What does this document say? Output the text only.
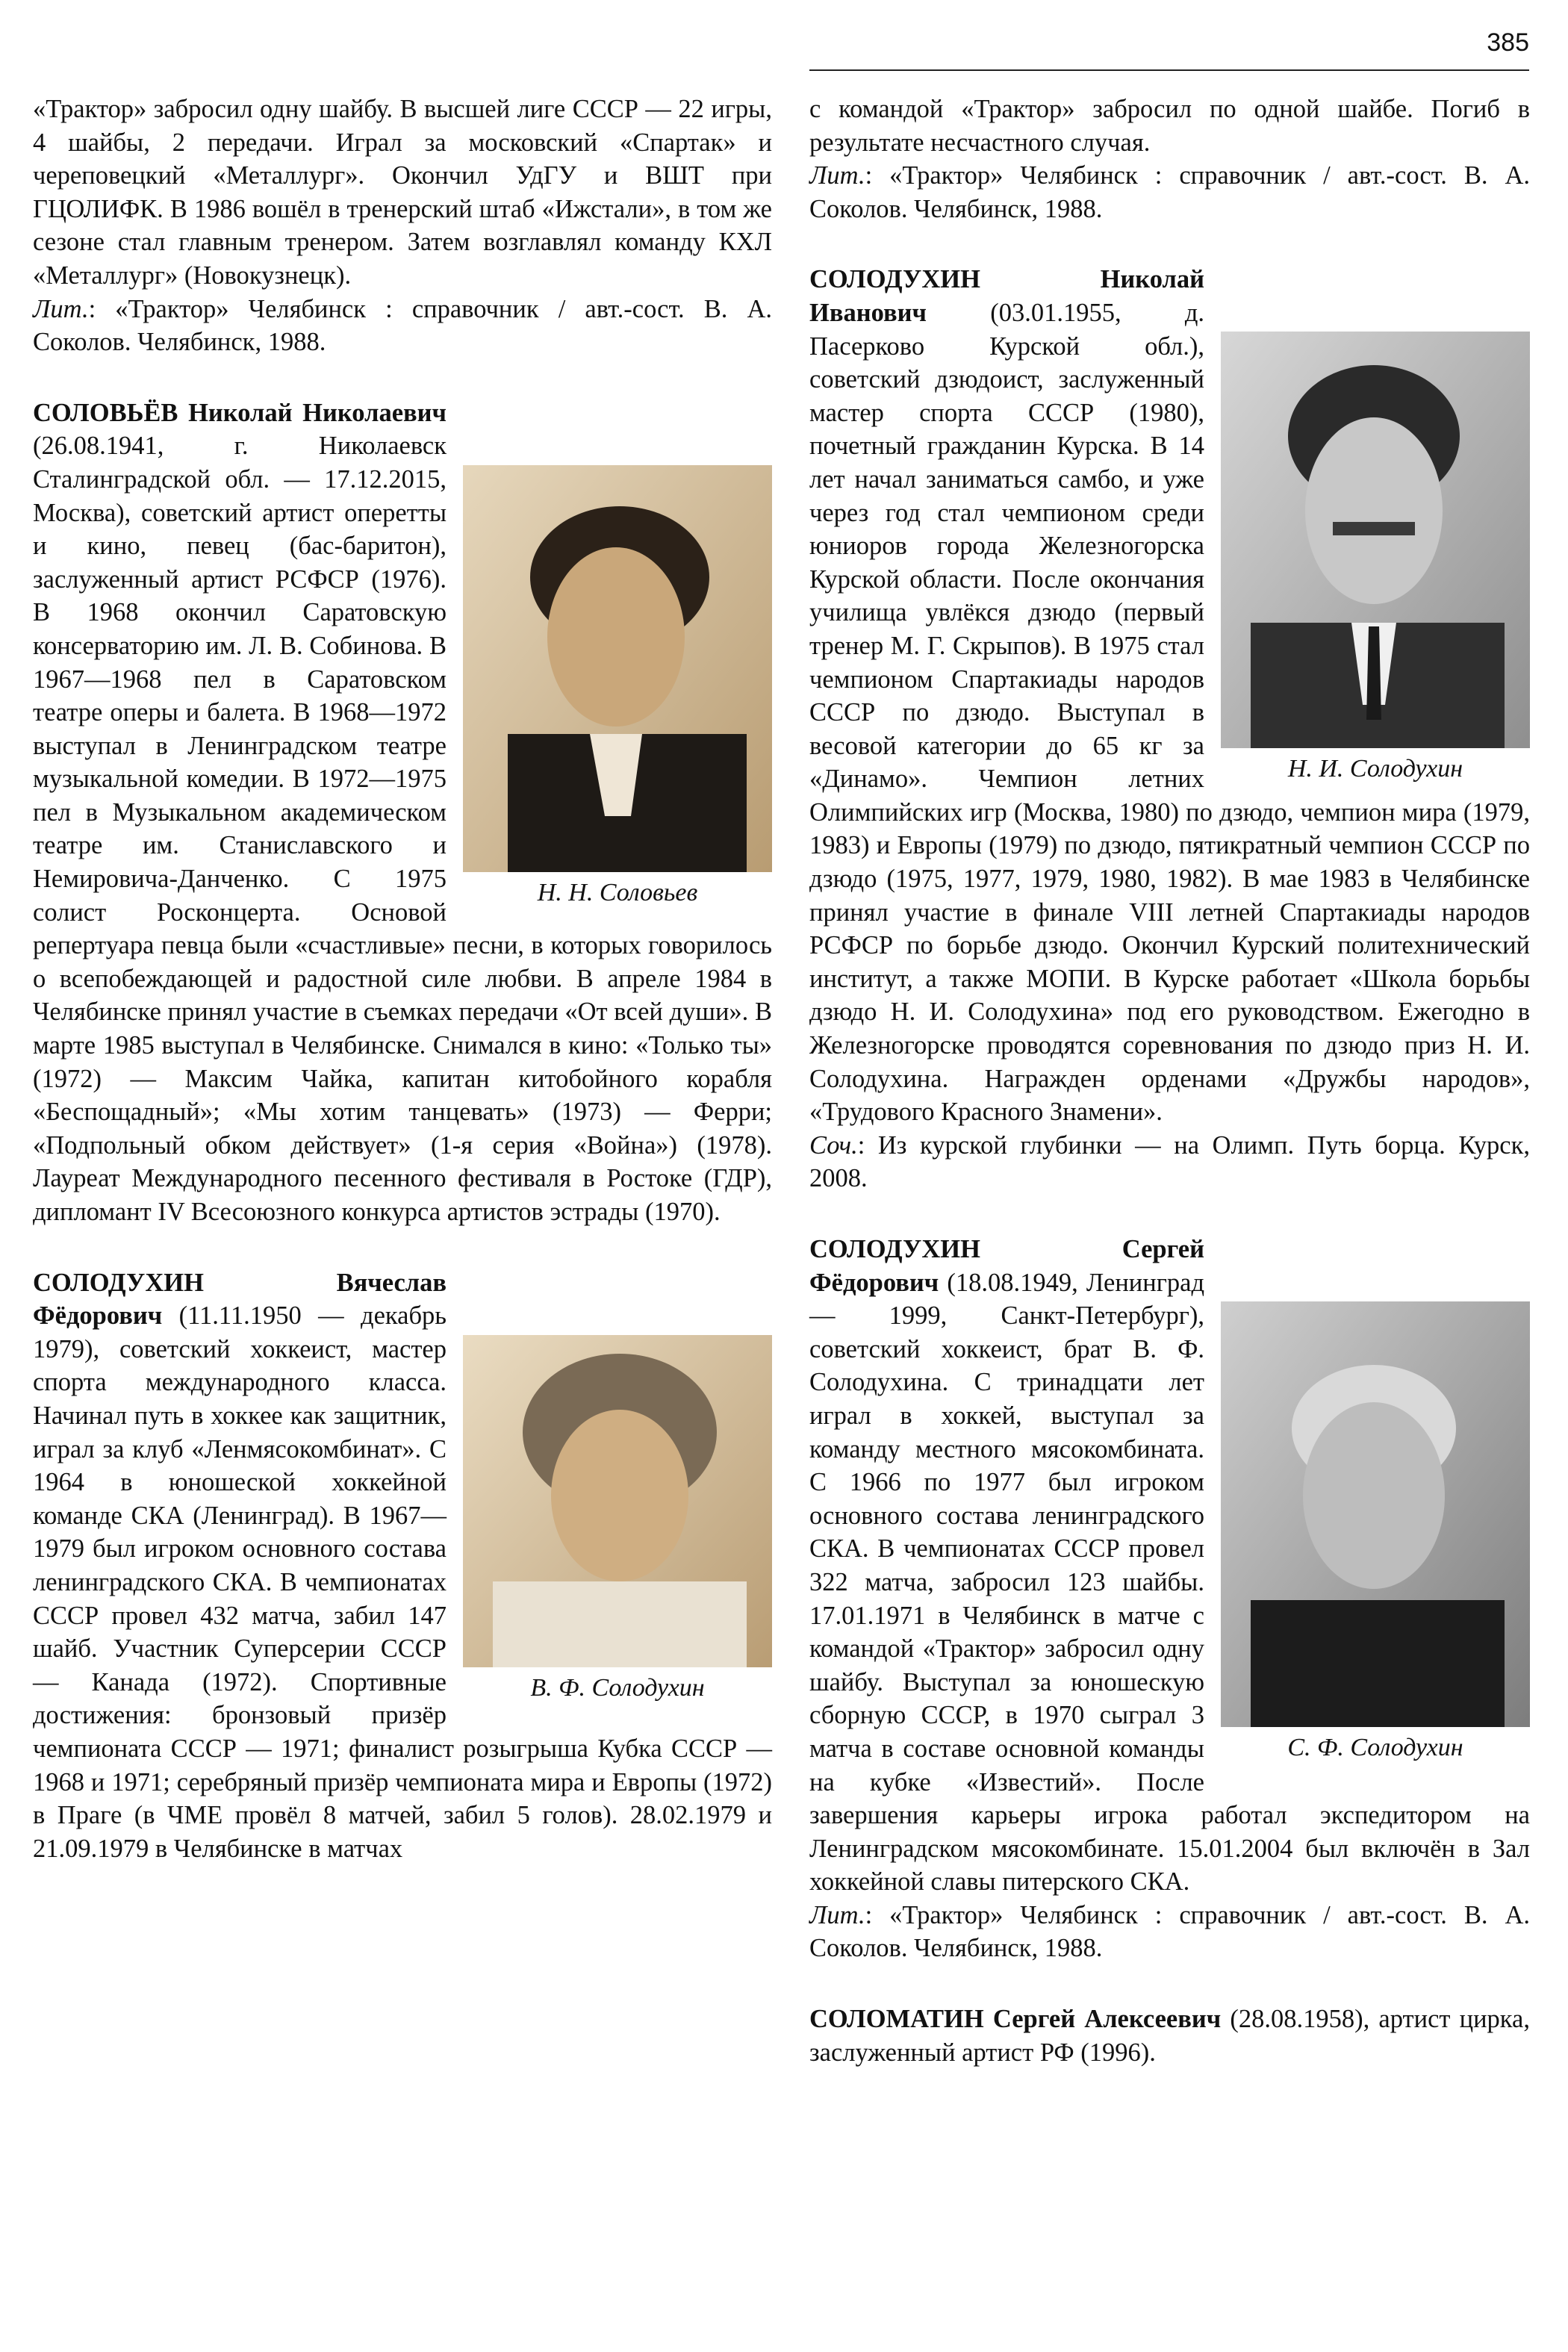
385

«Трактор» забросил одну шайбу. В высшей лиге СССР — 22 игры, 4 шайбы, 2 передачи. Играл за московский «Спартак» и череповецкий «Металлург». Окончил УдГУ и ВШТ при ГЦОЛИФК. В 1986 вошёл в тренерский штаб «Ижстали», в том же сезоне стал главным тренером. Затем возглавлял команду КХЛ «Металлург» (Новокузнецк).

Лит.: «Трактор» Челябинск : справочник / авт.-сост. В. А. Соколов. Челябинск, 1988.

Н. Н. Соловьев

СОЛОВЬЁВ Николай Николаевич (26.08.1941, г. Николаевск Сталинградской обл. — 17.12.2015, Москва), советский артист оперетты и кино, певец (бас-баритон), заслуженный артист РСФСР (1976). В 1968 окончил Саратовскую консерваторию им. Л. В. Собинова. В 1967—1968 пел в Саратовском театре оперы и балета. В 1968—1972 выступал в Ленинградском театре музыкальной комедии. В 1972—1975 пел в Музыкальном академическом театре им. Станиславского и Немировича-Данченко. С 1975 солист Росконцерта. Основой репертуара певца были «счастливые» песни, в которых говорилось о всепобеждающей и радостной силе любви. В апреле 1984 в Челябинске принял участие в съемках передачи «От всей души». В марте 1985 выступал в Челябинске. Снимался в кино: «Только ты» (1972) — Максим Чайка, капитан китобойного корабля «Беспощадный»; «Мы хотим танцевать» (1973) — Ферри; «Подпольный обком действует» (1-я серия «Война») (1978). Лауреат Международного песенного фестиваля в Ростоке (ГДР), дипломант IV Всесоюзного конкурса артистов эстрады (1970).

В. Ф. Солодухин

СОЛОДУХИН Вячеслав Фёдорович (11.11.1950 — декабрь 1979), советский хоккеист, мастер спорта международного класса. Начинал путь в хоккее как защитник, играл за клуб «Ленмясокомбинат». С 1964 в юношеской хоккейной команде СКА (Ленинград). В 1967—1979 был игроком основного состава ленинградского СКА. В чемпионатах СССР провел 432 матча, забил 147 шайб. Участник Суперсерии СССР — Канада (1972). Спортивные достижения: бронзовый призёр чемпионата СССР — 1971; финалист розыгрыша Кубка СССР — 1968 и 1971; серебряный призёр чемпионата мира и Европы (1972) в Праге (в ЧМЕ провёл 8 матчей, забил 5 голов). 28.02.1979 и 21.09.1979 в Челябинске в матчах

с командой «Трактор» забросил по одной шайбе. Погиб в результате несчастного случая.

Лит.: «Трактор» Челябинск : справочник / авт.-сост. В. А. Соколов. Челябинск, 1988.

Н. И. Солодухин

СОЛОДУХИН Николай Иванович (03.01.1955, д. Пасерково Курской обл.), советский дзюдоист, заслуженный мастер спорта СССР (1980), почетный гражданин Курска. В 14 лет начал заниматься самбо, и уже через год стал чемпионом среди юниоров города Железногорска Курской области. После окончания училища увлёкся дзюдо (первый тренер М. Г. Скрыпов). В 1975 стал чемпионом Спартакиады народов СССР по дзюдо. Выступал в весовой категории до 65 кг за «Динамо». Чемпион летних Олимпийских игр (Москва, 1980) по дзюдо, чемпион мира (1979, 1983) и Европы (1979) по дзюдо, пятикратный чемпион СССР по дзюдо (1975, 1977, 1979, 1980, 1982). В мае 1983 в Челябинске принял участие в финале VIII летней Спартакиады народов РСФСР по борьбе дзюдо. Окончил Курский политехнический институт, а также МОПИ. В Курске работает «Школа борьбы дзюдо Н. И. Солодухина» под его руководством. Ежегодно в Железногорске проводятся соревнования по дзюдо приз Н. И. Солодухина. Награжден орденами «Дружбы народов», «Трудового Красного Знамени».

Соч.: Из курской глубинки — на Олимп. Путь борца. Курск, 2008.

С. Ф. Солодухин

СОЛОДУХИН Сергей Фёдорович (18.08.1949, Ленинград — 1999, Санкт-Петербург), советский хоккеист, брат В. Ф. Солодухина. С тринадцати лет играл в хоккей, выступал за команду местного мясокомбината. С 1966 по 1977 был игроком основного состава ленинградского СКА. В чемпионатах СССР провел 322 матча, забросил 123 шайбы. 17.01.1971 в Челябинск в матче с командой «Трактор» забросил одну шайбу. Выступал за юношескую сборную СССР, в 1970 сыграл 3 матча в составе основной команды на кубке «Известий». После завершения карьеры игрока работал экспедитором на Ленинградском мясокомбинате. 15.01.2004 был включён в Зал хоккейной славы питерского СКА.

Лит.: «Трактор» Челябинск : справочник / авт.-сост. В. А. Соколов. Челябинск, 1988.

СОЛОМАТИН Сергей Алексеевич (28.08.1958), артист цирка, заслуженный артист РФ (1996).
